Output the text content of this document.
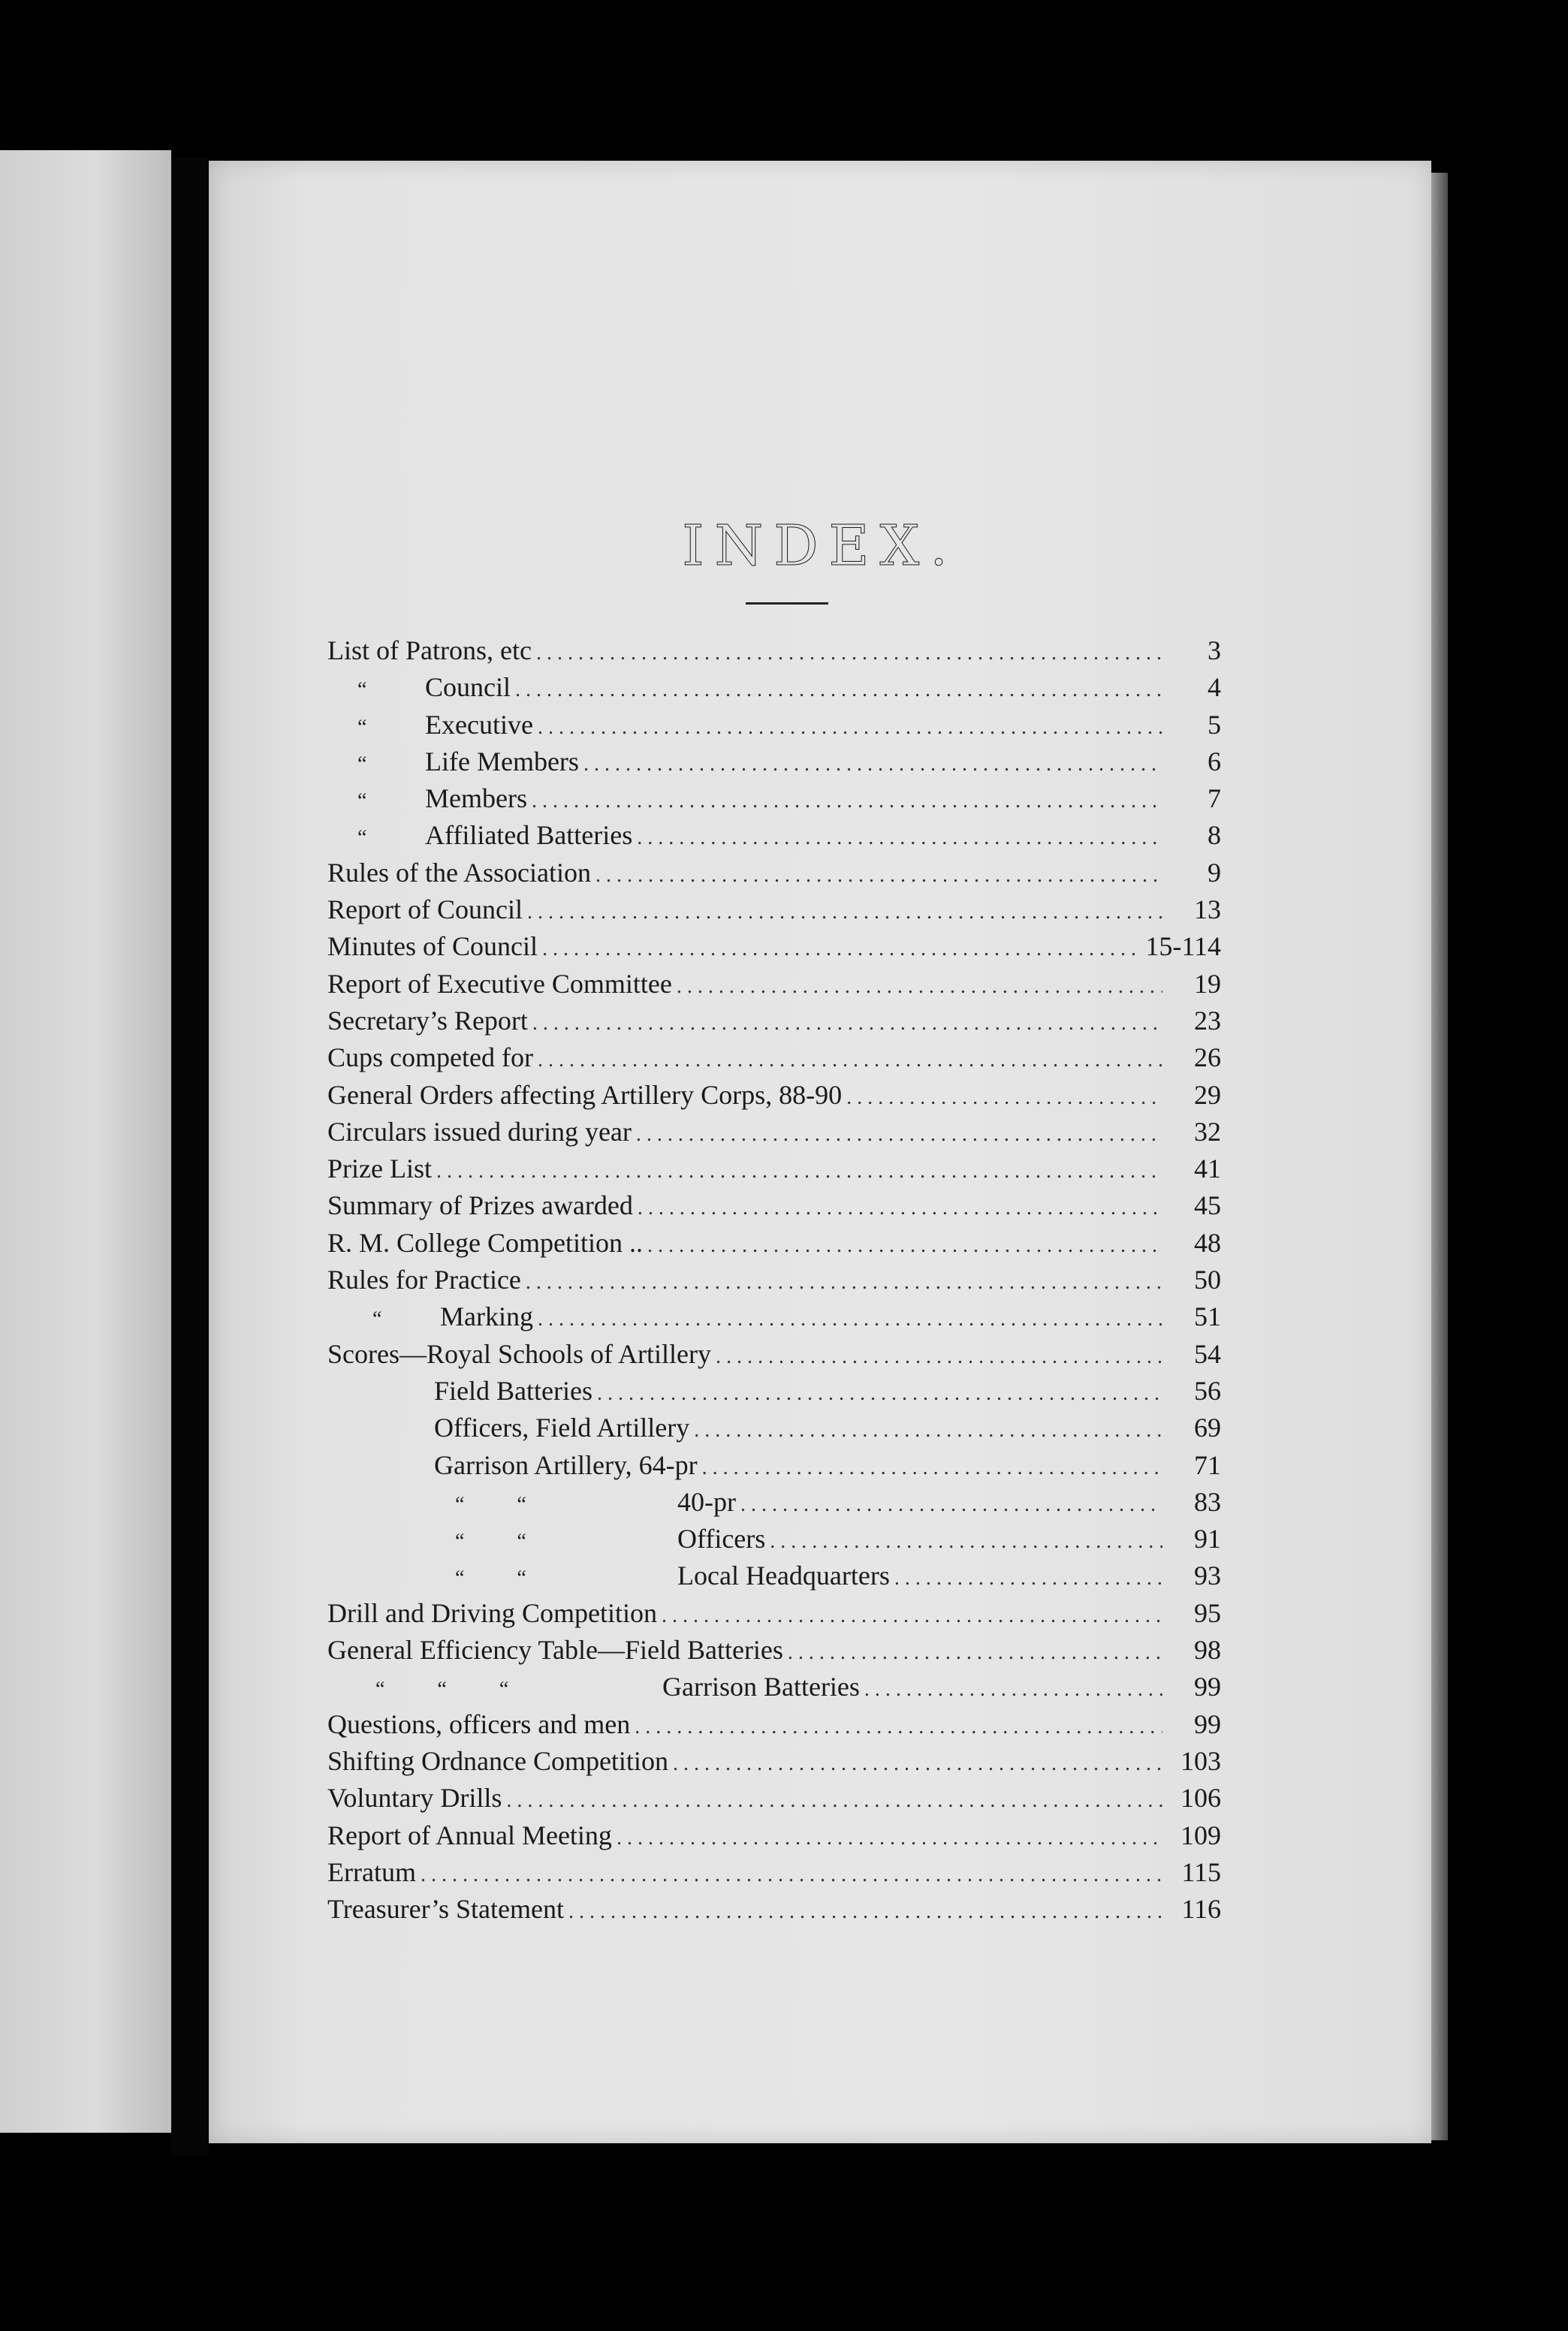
INDEX.
List of Patrons, etc . . .	3
“	Council . . .	4
“	Executive . . .	5
“	Life Members . . .	6
“	Members . . .	7
“	Affiliated Batteries . . .	8
Rules of the Association . . .	9
Report of Council . . .	13
Minutes of Council . . .	15-114
Report of Executive Committee . . .	19
Secretary’s Report . . .	23
Cups competed for . . .	26
General Orders affecting Artillery Corps, 88-90 . . .	29
Circulars issued during year . . .	32
Prize List . . .	41
Summary of Prizes awarded . . .	45
R. M. College Competition .. . . .	48
Rules for Practice . . .	50
“	Marking . . .	51
Scores—Royal Schools of Artillery . . .	54
Field Batteries . . .	56
Officers, Field Artillery . . .	69
Garrison Artillery, 64-pr . . .	71
“          “	40-pr . . .	83
“          “	Officers . . .	91
“          “	Local Headquarters . . .	93
Drill and Driving Competition . . .	95
General Efficiency Table—Field Batteries . . .	98
“          “          “	Garrison Batteries . . .	99
Questions, officers and men . . .	99
Shifting Ordnance Competition . . .	103
Voluntary Drills . . .	106
Report of Annual Meeting . . .	109
Erratum . . .	115
Treasurer’s Statement . . .	116
